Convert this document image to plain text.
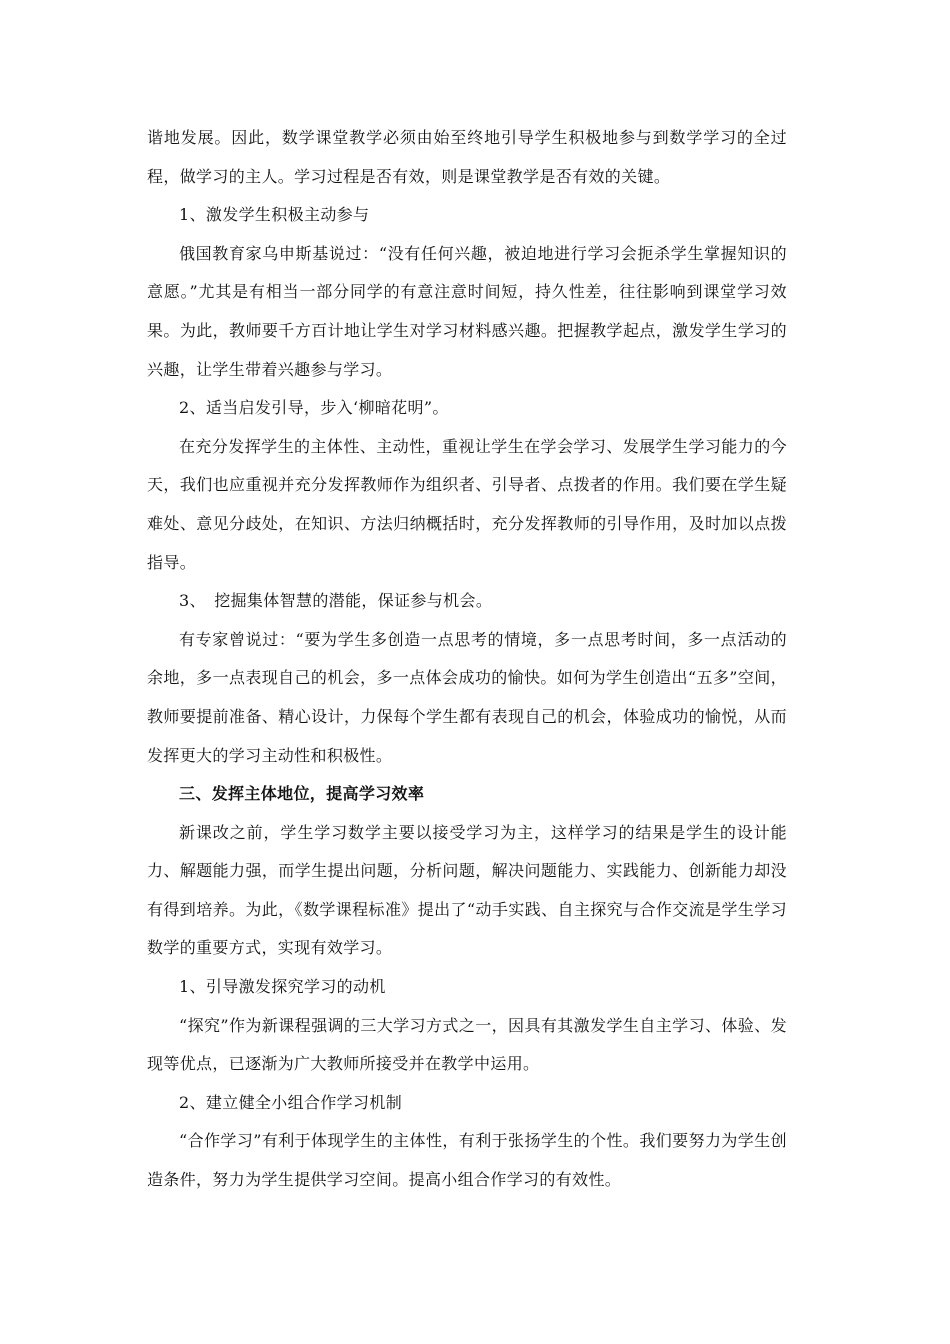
谐地发展。因此，数学课堂教学必须由始至终地引导学生积极地参与到数学学习的全过程，做学习的主人。学习过程是否有效，则是课堂教学是否有效的关键。

1、激发学生积极主动参与

俄国教育家乌申斯基说过：“没有任何兴趣，被迫地进行学习会扼杀学生掌握知识的意愿。”尤其是有相当一部分同学的有意注意时间短，持久性差，往往影响到课堂学习效果。为此，教师要千方百计地让学生对学习材料感兴趣。把握教学起点，激发学生学习的兴趣，让学生带着兴趣参与学习。

2、适当启发引导，步入‘柳暗花明”。

在充分发挥学生的主体性、主动性，重视让学生在学会学习、发展学生学习能力的今天，我们也应重视并充分发挥教师作为组织者、引导者、点拨者的作用。我们要在学生疑难处、意见分歧处，在知识、方法归纳概括时，充分发挥教师的引导作用，及时加以点拨指导。

3、　挖掘集体智慧的潜能，保证参与机会。

有专家曾说过：“要为学生多创造一点思考的情境，多一点思考时间，多一点活动的余地，多一点表现自己的机会，多一点体会成功的愉快。如何为学生创造出“五多”空间，教师要提前准备、精心设计，力保每个学生都有表现自己的机会，体验成功的愉悦，从而发挥更大的学习主动性和积极性。

三、发挥主体地位，提高学习效率

新课改之前，学生学习数学主要以接受学习为主，这样学习的结果是学生的设计能力、解题能力强，而学生提出问题，分析问题，解决问题能力、实践能力、创新能力却没有得到培养。为此，《数学课程标准》提出了“动手实践、自主探究与合作交流是学生学习数学的重要方式，实现有效学习。

1、引导激发探究学习的动机

“探究”作为新课程强调的三大学习方式之一，因具有其激发学生自主学习、体验、发现等优点，已逐渐为广大教师所接受并在教学中运用。

2、建立健全小组合作学习机制

“合作学习”有利于体现学生的主体性，有利于张扬学生的个性。我们要努力为学生创造条件，努力为学生提供学习空间。提高小组合作学习的有效性。
